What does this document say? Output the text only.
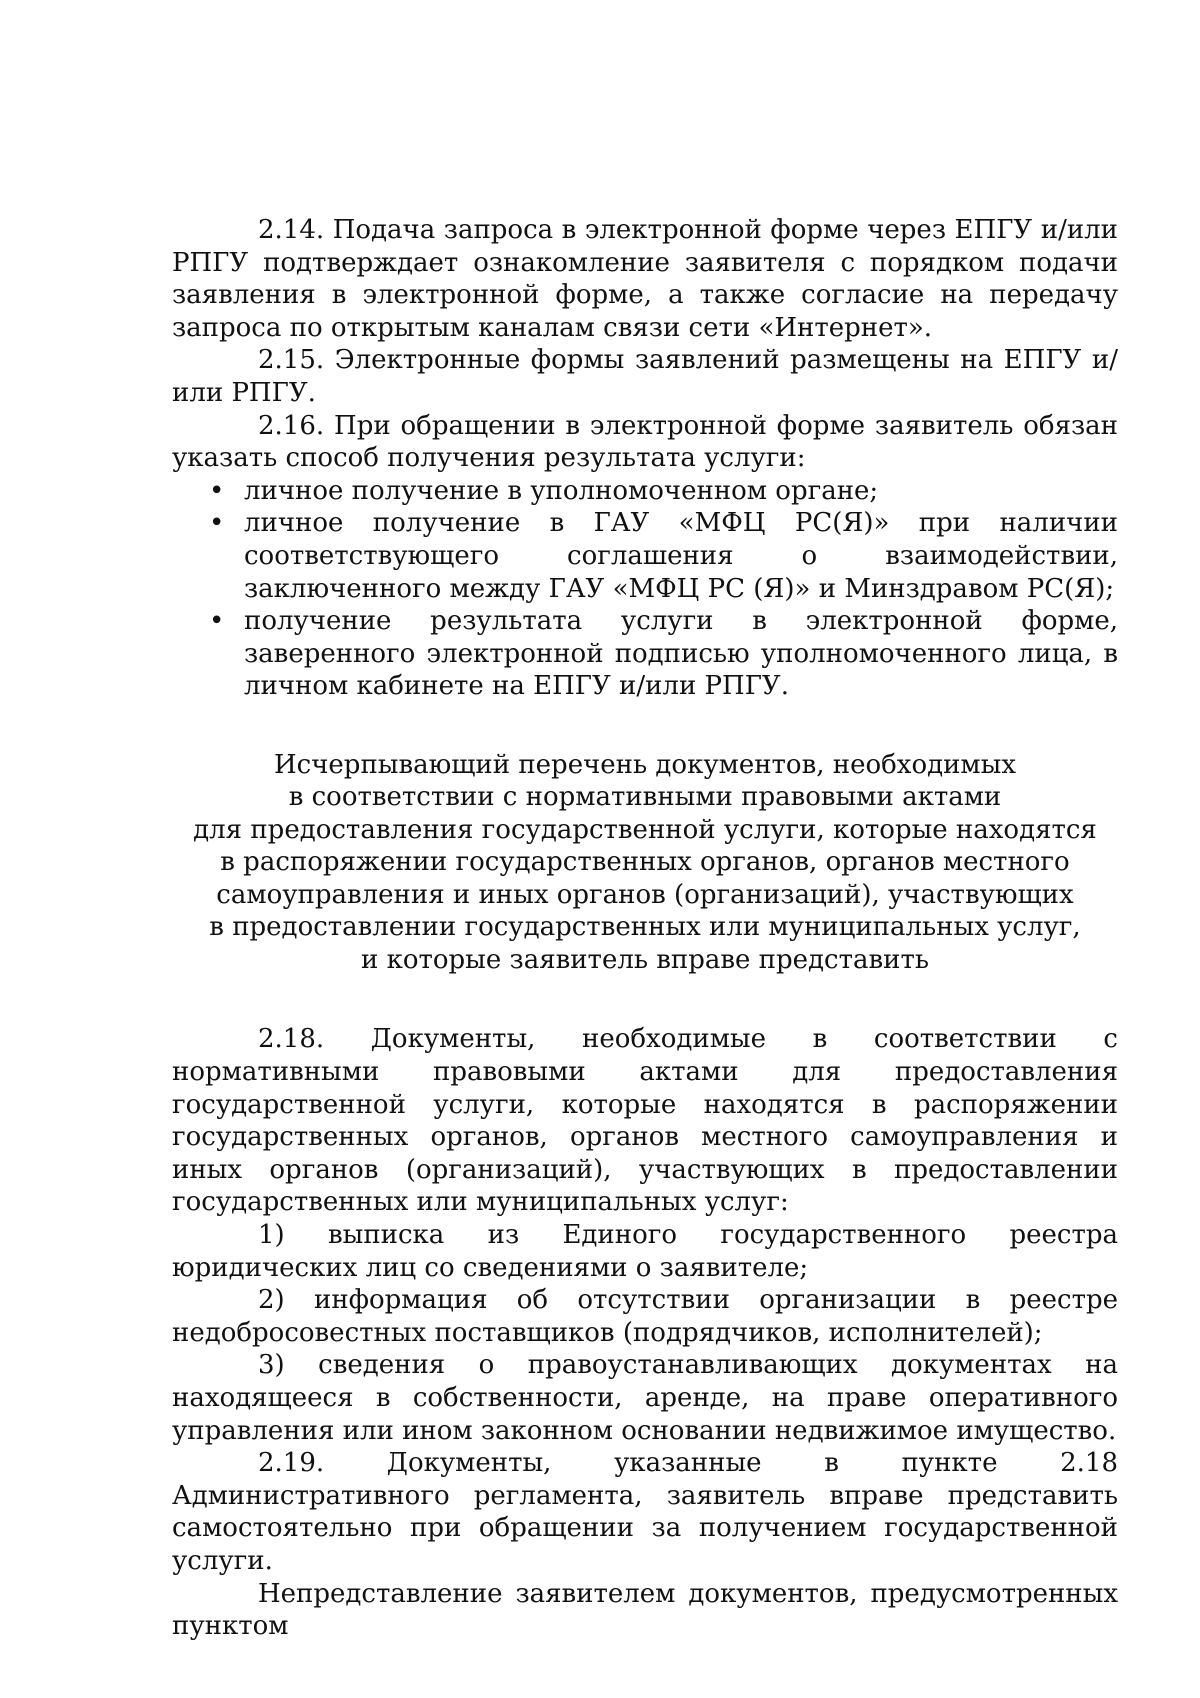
2.14. Подача запроса в электронной форме через ЕПГУ и/или РПГУ подтверждает ознакомление заявителя с порядком подачи заявления в электронной форме, а также согласие на передачу запроса по открытым каналам связи сети «Интернет».

2.15. Электронные формы заявлений размещены на ЕПГУ и/или РПГУ.

2.16. При обращении в электронной форме заявитель обязан указать способ получения результата услуги:

• личное получение в уполномоченном органе;
• личное получение в ГАУ «МФЦ РС(Я)» при наличии соответствующего соглашения о взаимодействии, заключенного между ГАУ «МФЦ РС (Я)» и Минздравом РС(Я);
• получение результата услуги в электронной форме, заверенного электронной подписью уполномоченного лица, в личном кабинете на ЕПГУ и/или РПГУ.
Исчерпывающий перечень документов, необходимых
в соответствии с нормативными правовыми актами
для предоставления государственной услуги, которые находятся
в распоряжении государственных органов, органов местного
самоуправления и иных органов (организаций), участвующих
в предоставлении государственных или муниципальных услуг,
и которые заявитель вправе представить

2.18. Документы, необходимые в соответствии с нормативными правовыми актами для предоставления государственной услуги, которые находятся в распоряжении государственных органов, органов местного самоуправления и иных органов (организаций), участвующих в предоставлении государственных или муниципальных услуг:

1) выписка из Единого государственного реестра юридических лиц со сведениями о заявителе;

2) информация об отсутствии организации в реестре недобросовестных поставщиков (подрядчиков, исполнителей);

3) сведения о правоустанавливающих документах на находящееся в собственности, аренде, на праве оперативного управления или ином законном основании недвижимое имущество.

2.19. Документы, указанные в пункте 2.18 Административного регламента, заявитель вправе представить самостоятельно при обращении за получением государственной услуги.

Непредставление заявителем документов, предусмотренных пунктом
